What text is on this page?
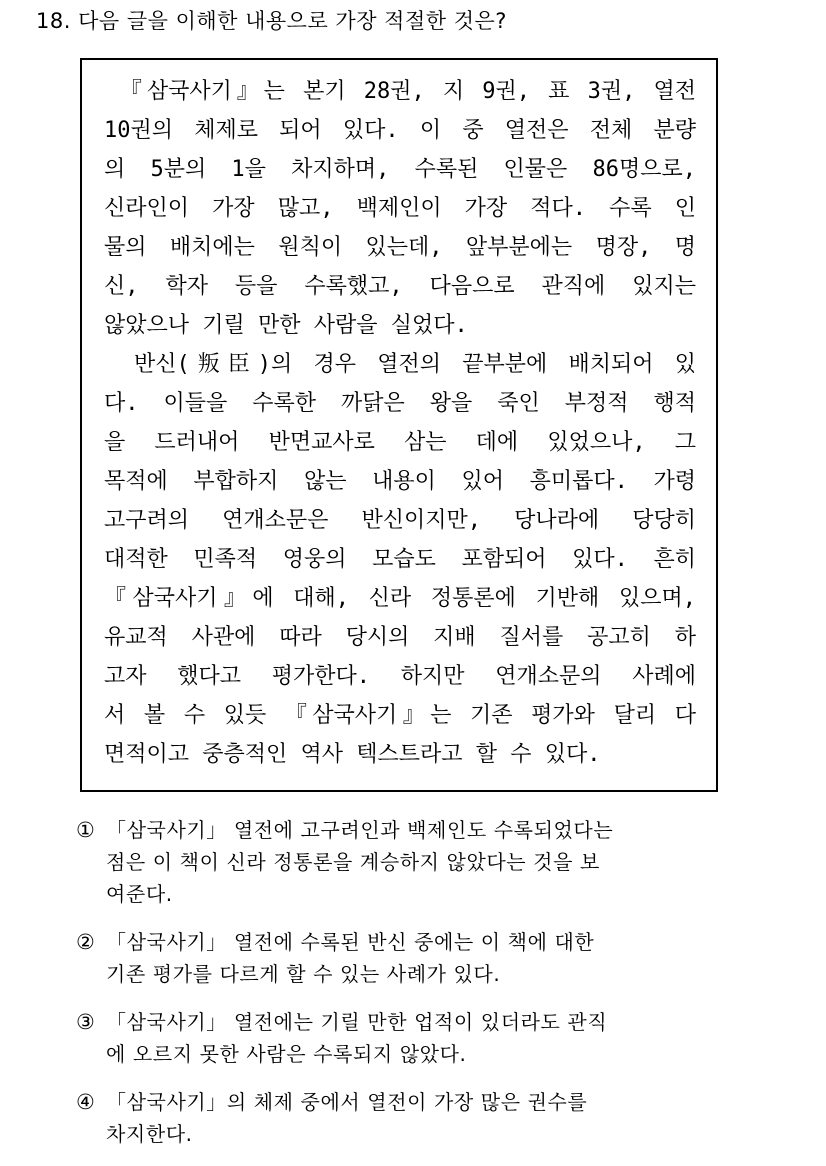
18. 다음 글을 이해한 내용으로 가장 적절한 것은?
　『삼국사기』는 본기 28권, 지 9권, 표 3권, 열전
10권의 체제로 되어 있다. 이 중 열전은 전체 분량
의 5분의 1을 차지하며, 수록된 인물은 86명으로,
신라인이 가장 많고, 백제인이 가장 적다. 수록 인
물의 배치에는 원칙이 있는데, 앞부분에는 명장, 명
신, 학자 등을 수록했고, 다음으로 관직에 있지는
않았으나 기릴 만한 사람을 실었다.
　반신(叛臣)의 경우 열전의 끝부분에 배치되어 있
다. 이들을 수록한 까닭은 왕을 죽인 부정적 행적
을 드러내어 반면교사로 삼는 데에 있었으나, 그
목적에 부합하지 않는 내용이 있어 흥미롭다. 가령
고구려의 연개소문은 반신이지만, 당나라에 당당히
대적한 민족적 영웅의 모습도 포함되어 있다. 흔히
『삼국사기』에 대해, 신라 정통론에 기반해 있으며,
유교적 사관에 따라 당시의 지배 질서를 공고히 하
고자 했다고 평가한다. 하지만 연개소문의 사례에
서 볼 수 있듯 『삼국사기』는 기존 평가와 달리 다
면적이고 중층적인 역사 텍스트라고 할 수 있다.
① 「삼국사기」 열전에 고구려인과 백제인도 수록되었다는
점은 이 책이 신라 정통론을 계승하지 않았다는 것을 보
여준다.
② 「삼국사기」 열전에 수록된 반신 중에는 이 책에 대한
기존 평가를 다르게 할 수 있는 사례가 있다.
③ 「삼국사기」 열전에는 기릴 만한 업적이 있더라도 관직
에 오르지 못한 사람은 수록되지 않았다.
④ 「삼국사기」의 체제 중에서 열전이 가장 많은 권수를
차지한다.
